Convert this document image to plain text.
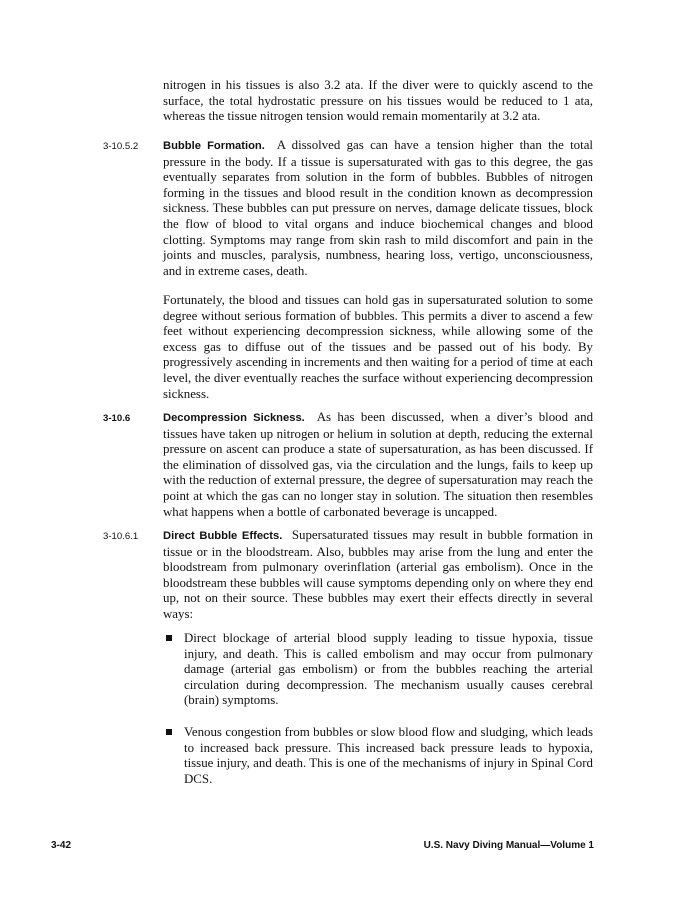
nitrogen in his tissues is also 3.2 ata. If the diver were to quickly ascend to the surface, the total hydrostatic pressure on his tissues would be reduced to 1 ata, whereas the tissue nitrogen tension would remain momentarily at 3.2 ata.

3-10.5.2 Bubble Formation. A dissolved gas can have a tension higher than the total pressure in the body. If a tissue is supersaturated with gas to this degree, the gas eventually separates from solution in the form of bubbles. Bubbles of nitrogen forming in the tissues and blood result in the condition known as decompression sickness. These bubbles can put pressure on nerves, damage delicate tissues, block the flow of blood to vital organs and induce biochemical changes and blood clotting. Symptoms may range from skin rash to mild discomfort and pain in the joints and muscles, paralysis, numbness, hearing loss, vertigo, unconsciousness, and in extreme cases, death.

Fortunately, the blood and tissues can hold gas in supersaturated solution to some degree without serious formation of bubbles. This permits a diver to ascend a few feet without experiencing decompression sickness, while allowing some of the excess gas to diffuse out of the tissues and be passed out of his body. By progressively ascending in increments and then waiting for a period of time at each level, the diver eventually reaches the surface without experiencing decompression sickness.

3-10.6	Decompression Sickness. As has been discussed, when a diver’s blood and tissues have taken up nitrogen or helium in solution at depth, reducing the external pressure on ascent can produce a state of supersaturation, as has been discussed. If the elimination of dissolved gas, via the circulation and the lungs, fails to keep up with the reduction of external pressure, the degree of supersaturation may reach the point at which the gas can no longer stay in solution. The situation then resembles what happens when a bottle of carbonated beverage is uncapped.

3-10.6.1 Direct Bubble Effects. Supersaturated tissues may result in bubble formation in tissue or in the bloodstream. Also, bubbles may arise from the lung and enter the bloodstream from pulmonary overinflation (arterial gas embolism). Once in the bloodstream these bubbles will cause symptoms depending only on where they end up, not on their source. These bubbles may exert their effects directly in several ways:

Direct blockage of arterial blood supply leading to tissue hypoxia, tissue injury, and death. This is called embolism and may occur from pulmonary damage (arterial gas embolism) or from the bubbles reaching the arterial circulation during decompression. The mechanism usually causes cerebral (brain) symptoms.
Venous congestion from bubbles or slow blood flow and sludging, which leads to increased back pressure. This increased back pressure leads to hypoxia, tissue injury, and death. This is one of the mechanisms of injury in Spinal Cord DCS.
3-42	U.S. Navy Diving Manual—Volume 1
